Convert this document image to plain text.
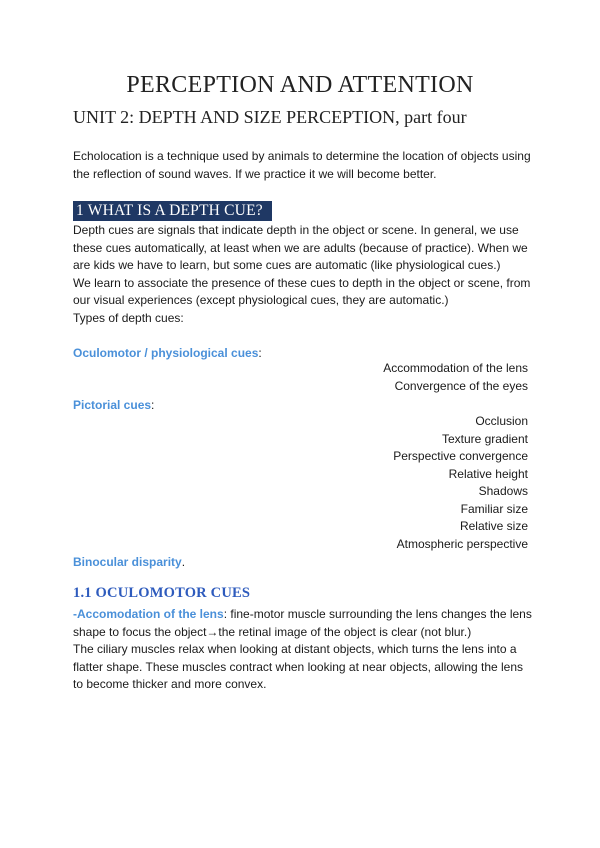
PERCEPTION AND ATTENTION
UNIT 2: DEPTH AND SIZE PERCEPTION, part four
Echolocation is a technique used by animals to determine the location of objects using
the reflection of sound waves. If we practice it we will become better.
1 WHAT IS A DEPTH CUE?
Depth cues are signals that indicate depth in the object or scene. In general, we use
these cues automatically, at least when we are adults (because of practice). When we
are kids we have to learn, but some cues are automatic (like physiological cues.)
We learn to associate the presence of these cues to depth in the object or scene, from
our visual experiences (except physiological cues, they are automatic.)
Types of depth cues:
Oculomotor / physiological cues:
Accommodation of the lens
Convergence of the eyes
Pictorial cues:
Occlusion
Texture gradient
Perspective convergence
Relative height
Shadows
Familiar size
Relative size
Atmospheric perspective
Binocular disparity.
1.1 OCULOMOTOR CUES
-Accomodation of the lens: fine-motor muscle surrounding the lens changes the lens
shape to focus the object→the retinal image of the object is clear (not blur.)
The ciliary muscles relax when looking at distant objects, which turns the lens into a
flatter shape. These muscles contract when looking at near objects, allowing the lens
to become thicker and more convex.
